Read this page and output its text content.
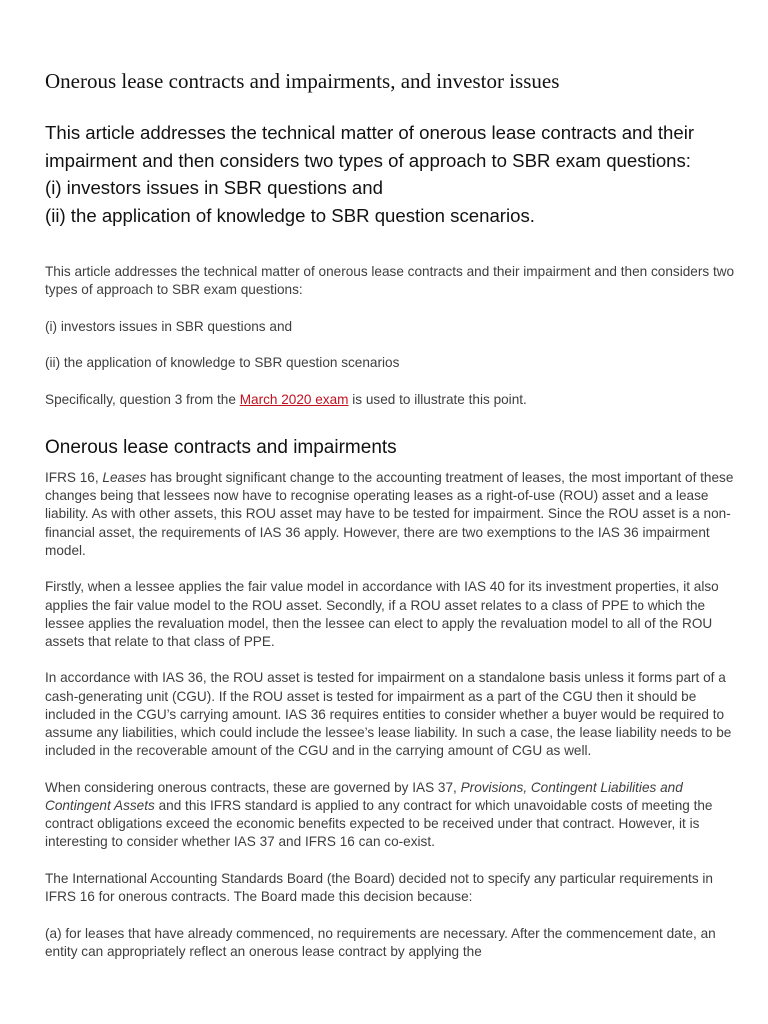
Onerous lease contracts and impairments, and investor issues
This article addresses the technical matter of onerous lease contracts and their impairment and then considers two types of approach to SBR exam questions:
(i) investors issues in SBR questions and
(ii) the application of knowledge to SBR question scenarios.

This article addresses the technical matter of onerous lease contracts and their impairment and then considers two types of approach to SBR exam questions:

(i) investors issues in SBR questions and

(ii) the application of knowledge to SBR question scenarios

Specifically, question 3 from the March 2020 exam is used to illustrate this point.

Onerous lease contracts and impairments

IFRS 16, Leases has brought significant change to the accounting treatment of leases, the most important of these changes being that lessees now have to recognise operating leases as a right-of-use (ROU) asset and a lease liability. As with other assets, this ROU asset may have to be tested for impairment. Since the ROU asset is a non-financial asset, the requirements of IAS 36 apply. However, there are two exemptions to the IAS 36 impairment model.

Firstly, when a lessee applies the fair value model in accordance with IAS 40 for its investment properties, it also applies the fair value model to the ROU asset. Secondly, if a ROU asset relates to a class of PPE to which the lessee applies the revaluation model, then the lessee can elect to apply the revaluation model to all of the ROU assets that relate to that class of PPE.

In accordance with IAS 36, the ROU asset is tested for impairment on a standalone basis unless it forms part of a cash-generating unit (CGU). If the ROU asset is tested for impairment as a part of the CGU then it should be included in the CGU’s carrying amount. IAS 36 requires entities to consider whether a buyer would be required to assume any liabilities, which could include the lessee’s lease liability. In such a case, the lease liability needs to be included in the recoverable amount of the CGU and in the carrying amount of CGU as well.

When considering onerous contracts, these are governed by IAS 37, Provisions, Contingent Liabilities and Contingent Assets and this IFRS standard is applied to any contract for which unavoidable costs of meeting the contract obligations exceed the economic benefits expected to be received under that contract. However, it is interesting to consider whether IAS 37 and IFRS 16 can co-exist.

The International Accounting Standards Board (the Board) decided not to specify any particular requirements in IFRS 16 for onerous contracts. The Board made this decision because:

(a) for leases that have already commenced, no requirements are necessary. After the commencement date, an entity can appropriately reflect an onerous lease contract by applying the
